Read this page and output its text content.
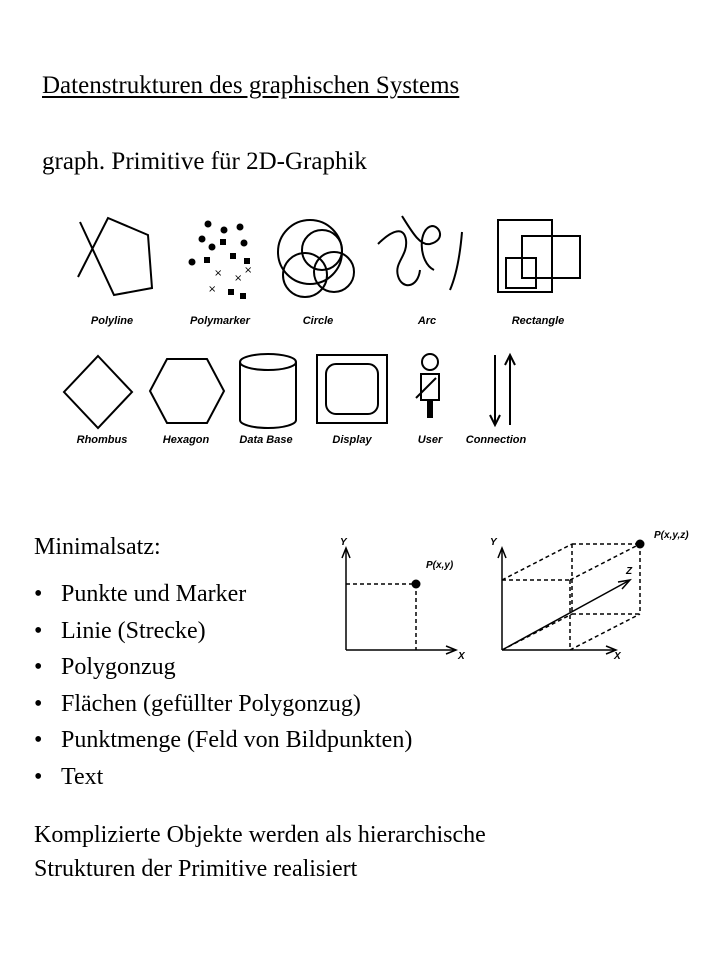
Datenstrukturen des graphischen Systems
graph. Primitive für 2D-Graphik
× ×
×
×
Polyline	Polymarker	Circle	Arc	Rectangle
Rhombus	Hexagon	Data Base	Display	User Connection
Minimalsatz:
• Punkte und Marker
• Linie (Strecke)
• Polygonzug
• Flächen (gefüllter Polygonzug)
• Punktmenge (Feld von Bildpunkten)
• Text
Y
X
P(x,y)
Y
X
Z
P(x,y,z)
Komplizierte Objekte werden als hierarchische
Strukturen der Primitive realisiert
